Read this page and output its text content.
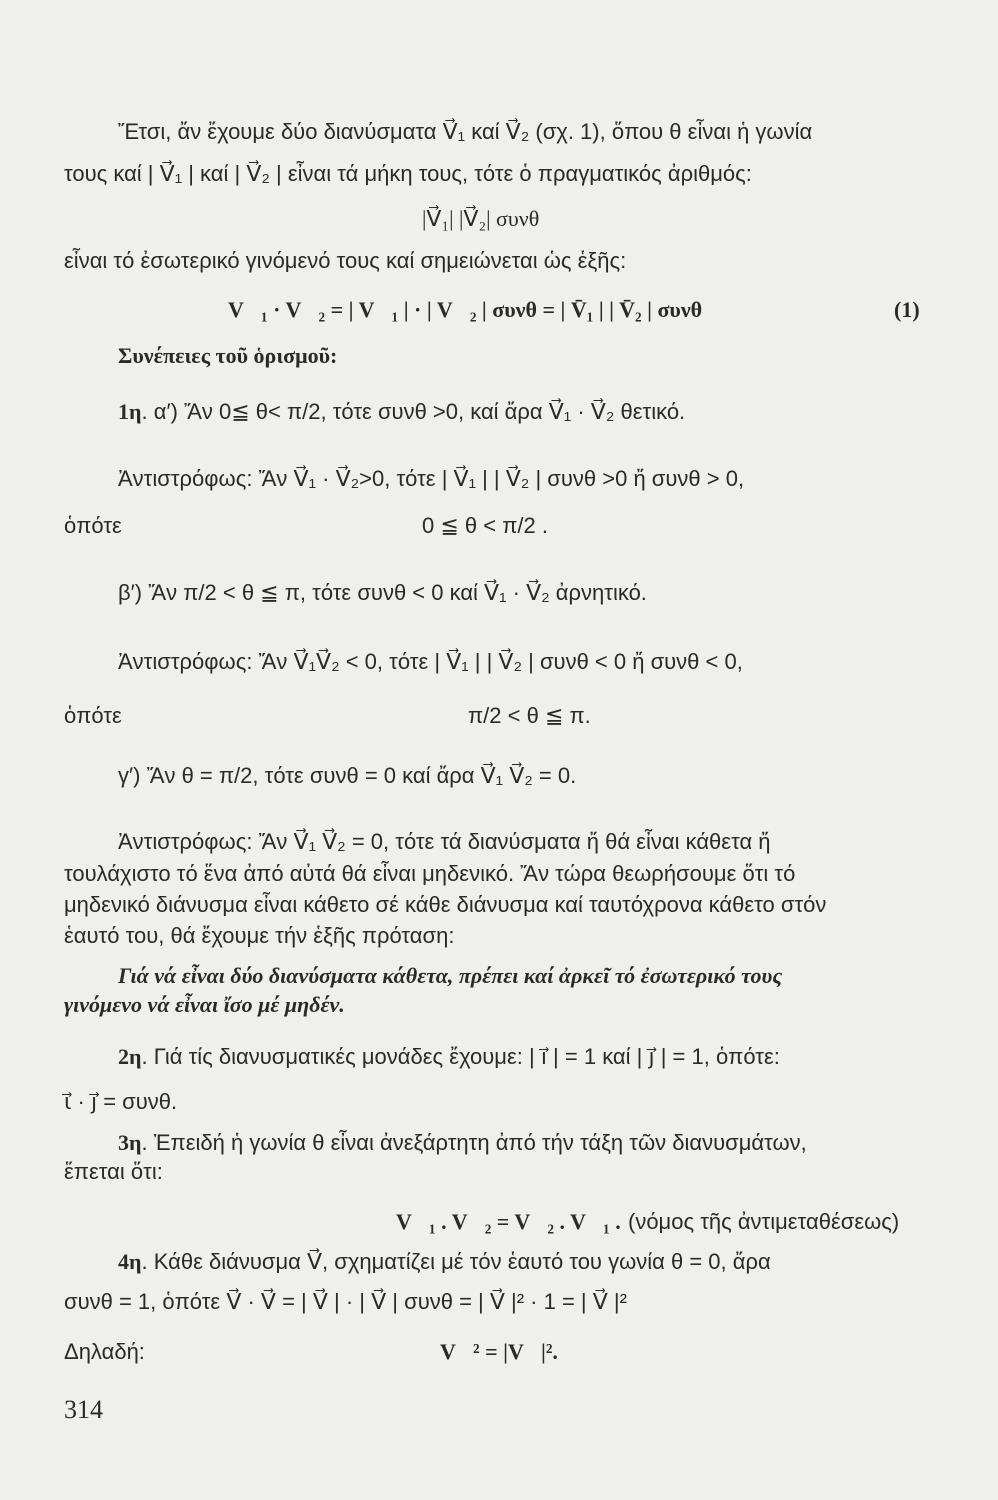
Ἔτσι, ἄν ἔχουμε δύο διανύσματα V⃗₁ καί V⃗₂ (σχ. 1), ὅπου θ εἶναι ἡ γωνία
τους καί | V⃗₁ | καί | V⃗₂ | εἶναι τά μήκη τους, τότε ὁ πραγματικός ἀριθμός:
|V⃗₁| |V⃗₂| συνθ
εἶναι τό ἐσωτερικό γινόμενό τους καί σημειώνεται ὡς ἑξῆς:
V⃗₁ · V⃗₂ = | V⃗₁ | · | V⃗₂ | συνθ = | V̄₁ | | V̄₂ | συνθ	(1)
Συνέπειες τοῦ ὁρισμοῦ:
1η. α′) Ἄν 0≦ θ< π/2, τότε συνθ >0, καί ἄρα V⃗₁ · V⃗₂ θετικό.
Ἀντιστρόφως: Ἄν V⃗₁ · V⃗₂>0, τότε | V⃗₁ | | V⃗₂ | συνθ >0 ἤ συνθ > 0,
ὁπότε	0 ≦ θ < π/2 .
β′) Ἄν π/2 < θ ≦ π, τότε συνθ < 0 καί V⃗₁ · V⃗₂ ἀρνητικό.
Ἀντιστρόφως: Ἄν V⃗₁V⃗₂ < 0, τότε | V⃗₁ | | V⃗₂ | συνθ < 0 ἤ συνθ < 0,
ὁπότε	π/2 < θ ≦ π.
γ′) Ἄν θ = π/2, τότε συνθ = 0 καί ἄρα V⃗₁ V⃗₂ = 0.
Ἀντιστρόφως: Ἄν V⃗₁ V⃗₂ = 0, τότε τά διανύσματα ἤ θά εἶναι κάθετα ἤ
τουλάχιστο τό ἕνα ἀπό αὐτά θά εἶναι μηδενικό. Ἄν τώρα θεωρήσουμε ὅτι τό
μηδενικό διάνυσμα εἶναι κάθετο σέ κάθε διάνυσμα καί ταυτόχρονα κάθετο στόν
ἑαυτό του, θά ἔχουμε τήν ἑξῆς πρόταση:
Γιά νά εἶναι δύο διανύσματα κάθετα, πρέπει καί ἀρκεῖ τό ἐσωτερικό τους
γινόμενο νά εἶναι ἴσο μέ μηδέν.
2η. Γιά τίς διανυσματικές μονάδες ἔχουμε: | i⃗ | = 1 καί | j⃗ | = 1, ὁπότε:
ι⃗ · j⃗ = συνθ.
3η. Ἐπειδή ἡ γωνία θ εἶναι ἀνεξάρτητη ἀπό τήν τάξη τῶν διανυσμάτων,
ἕπεται ὅτι:
V⃗₁ . V⃗₂ = V⃗₂ . V⃗₁ . (νόμος τῆς ἀντιμεταθέσεως)
4η. Κάθε διάνυσμα V⃗, σχηματίζει μέ τόν ἑαυτό του γωνία θ = 0, ἄρα
συνθ = 1, ὁπότε V⃗ · V⃗ = | V⃗ | · | V⃗ | συνθ = | V⃗ |² · 1 = | V⃗ |²
Δηλαδή:	V⃗² = |V⃗|².
314
